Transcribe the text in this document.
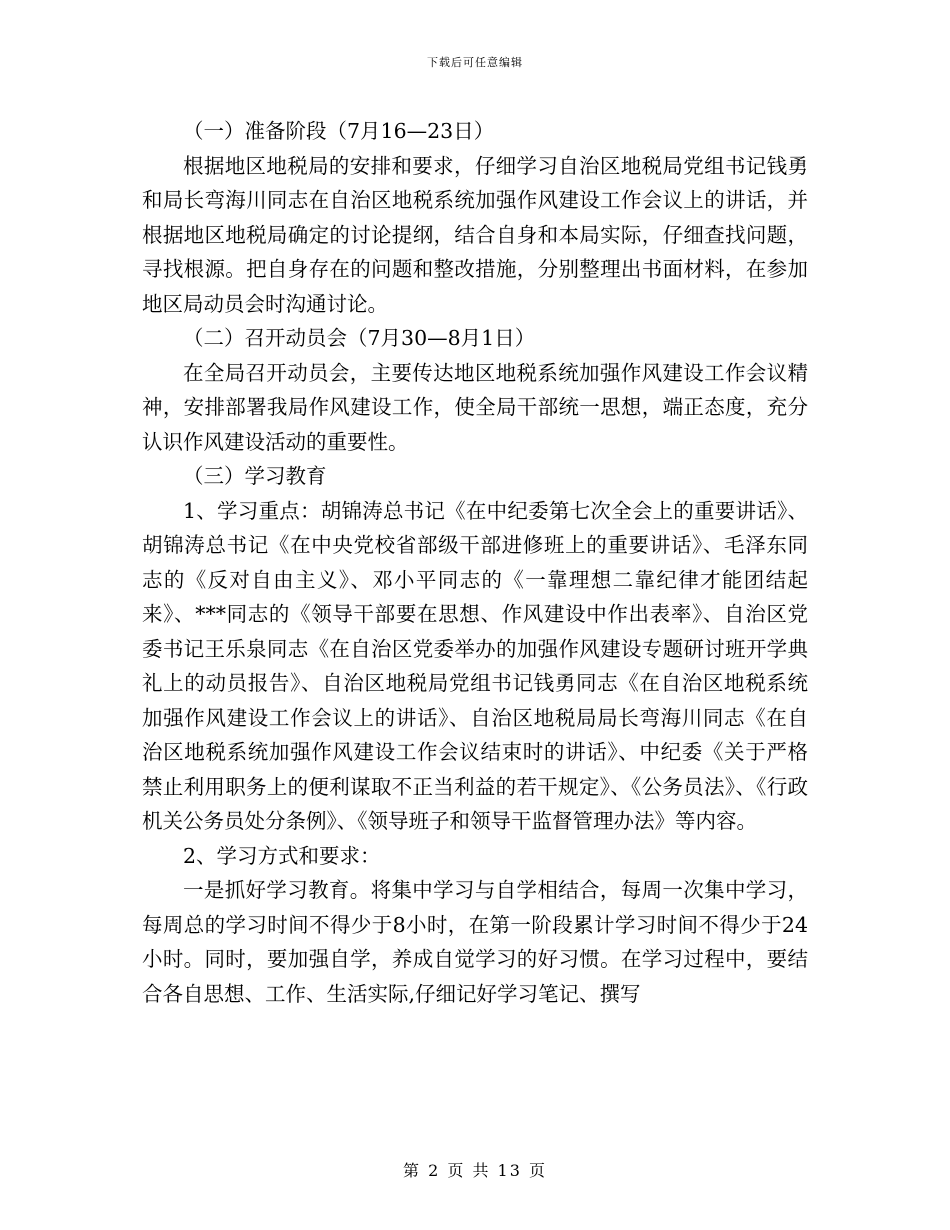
下载后可任意编辑

（一）准备阶段（7月16—23日）

根据地区地税局的安排和要求，仔细学习自治区地税局党组书记钱勇和局长弯海川同志在自治区地税系统加强作风建设工作会议上的讲话，并根据地区地税局确定的讨论提纲，结合自身和本局实际，仔细查找问题，寻找根源。把自身存在的问题和整改措施，分别整理出书面材料，在参加地区局动员会时沟通讨论。

（二）召开动员会（7月30—8月1日）

在全局召开动员会，主要传达地区地税系统加强作风建设工作会议精神，安排部署我局作风建设工作，使全局干部统一思想，端正态度，充分认识作风建设活动的重要性。

（三）学习教育

1、学习重点：胡锦涛总书记《在中纪委第七次全会上的重要讲话》、胡锦涛总书记《在中央党校省部级干部进修班上的重要讲话》、毛泽东同志的《反对自由主义》、邓小平同志的《一靠理想二靠纪律才能团结起来》、***同志的《领导干部要在思想、作风建设中作出表率》、自治区党委书记王乐泉同志《在自治区党委举办的加强作风建设专题研讨班开学典礼上的动员报告》、自治区地税局党组书记钱勇同志《在自治区地税系统加强作风建设工作会议上的讲话》、自治区地税局局长弯海川同志《在自治区地税系统加强作风建设工作会议结束时的讲话》、中纪委《关于严格禁止利用职务上的便利谋取不正当利益的若干规定》、《公务员法》、《行政机关公务员处分条例》、《领导班子和领导干监督管理办法》等内容。

2、学习方式和要求：

一是抓好学习教育。将集中学习与自学相结合，每周一次集中学习，每周总的学习时间不得少于8小时，在第一阶段累计学习时间不得少于24小时。同时，要加强自学，养成自觉学习的好习惯。在学习过程中，要结合各自思想、工作、生活实际,仔细记好学习笔记、撰写

第 2 页 共 13 页
